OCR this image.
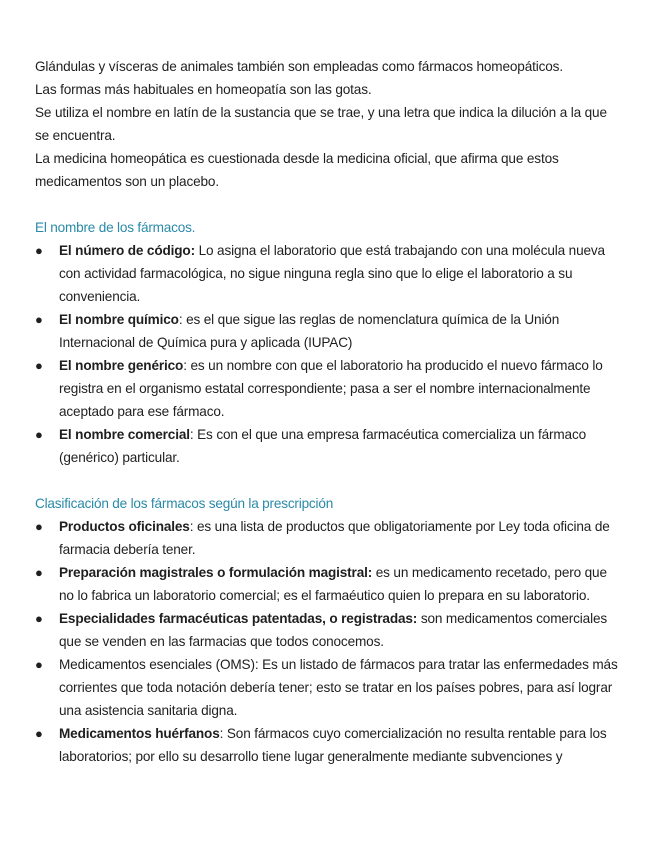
Glándulas y vísceras de animales también son empleadas como fármacos homeopáticos.

Las formas más habituales en homeopatía son las gotas.

Se utiliza el nombre en latín de la sustancia que se trae, y una letra que indica la dilución a la que se encuentra.

La medicina homeopática es cuestionada desde la medicina oficial, que afirma que estos medicamentos son un placebo.

El nombre de los fármacos.
● El número de código: Lo asigna el laboratorio que está trabajando con una molécula nueva con actividad farmacológica, no sigue ninguna regla sino que lo elige el laboratorio a su conveniencia.
● El nombre químico: es el que sigue las reglas de nomenclatura química de la Unión Internacional de Química pura y aplicada (IUPAC)
● El nombre genérico: es un nombre con que el laboratorio ha producido el nuevo fármaco lo registra en el organismo estatal correspondiente; pasa a ser el nombre internacionalmente aceptado para ese fármaco.
● El nombre comercial: Es con el que una empresa farmacéutica comercializa un fármaco (genérico) particular.
Clasificación de los fármacos según la prescripción
● Productos oficinales: es una lista de productos que obligatoriamente por Ley toda oficina de farmacia debería tener.
● Preparación magistrales o formulación magistral: es un medicamento recetado, pero que no lo fabrica un laboratorio comercial; es el farmaéutico quien lo prepara en su laboratorio.
● Especialidades farmacéuticas patentadas, o registradas: son medicamentos comerciales que se venden en las farmacias que todos conocemos.
● Medicamentos esenciales (OMS): Es un listado de fármacos para tratar las enfermedades más corrientes que toda notación debería tener; esto se tratar en los países pobres, para así lograr una asistencia sanitaria digna.
● Medicamentos huérfanos: Son fármacos cuyo comercialización no resulta rentable para los laboratorios; por ello su desarrollo tiene lugar generalmente mediante subvenciones y
